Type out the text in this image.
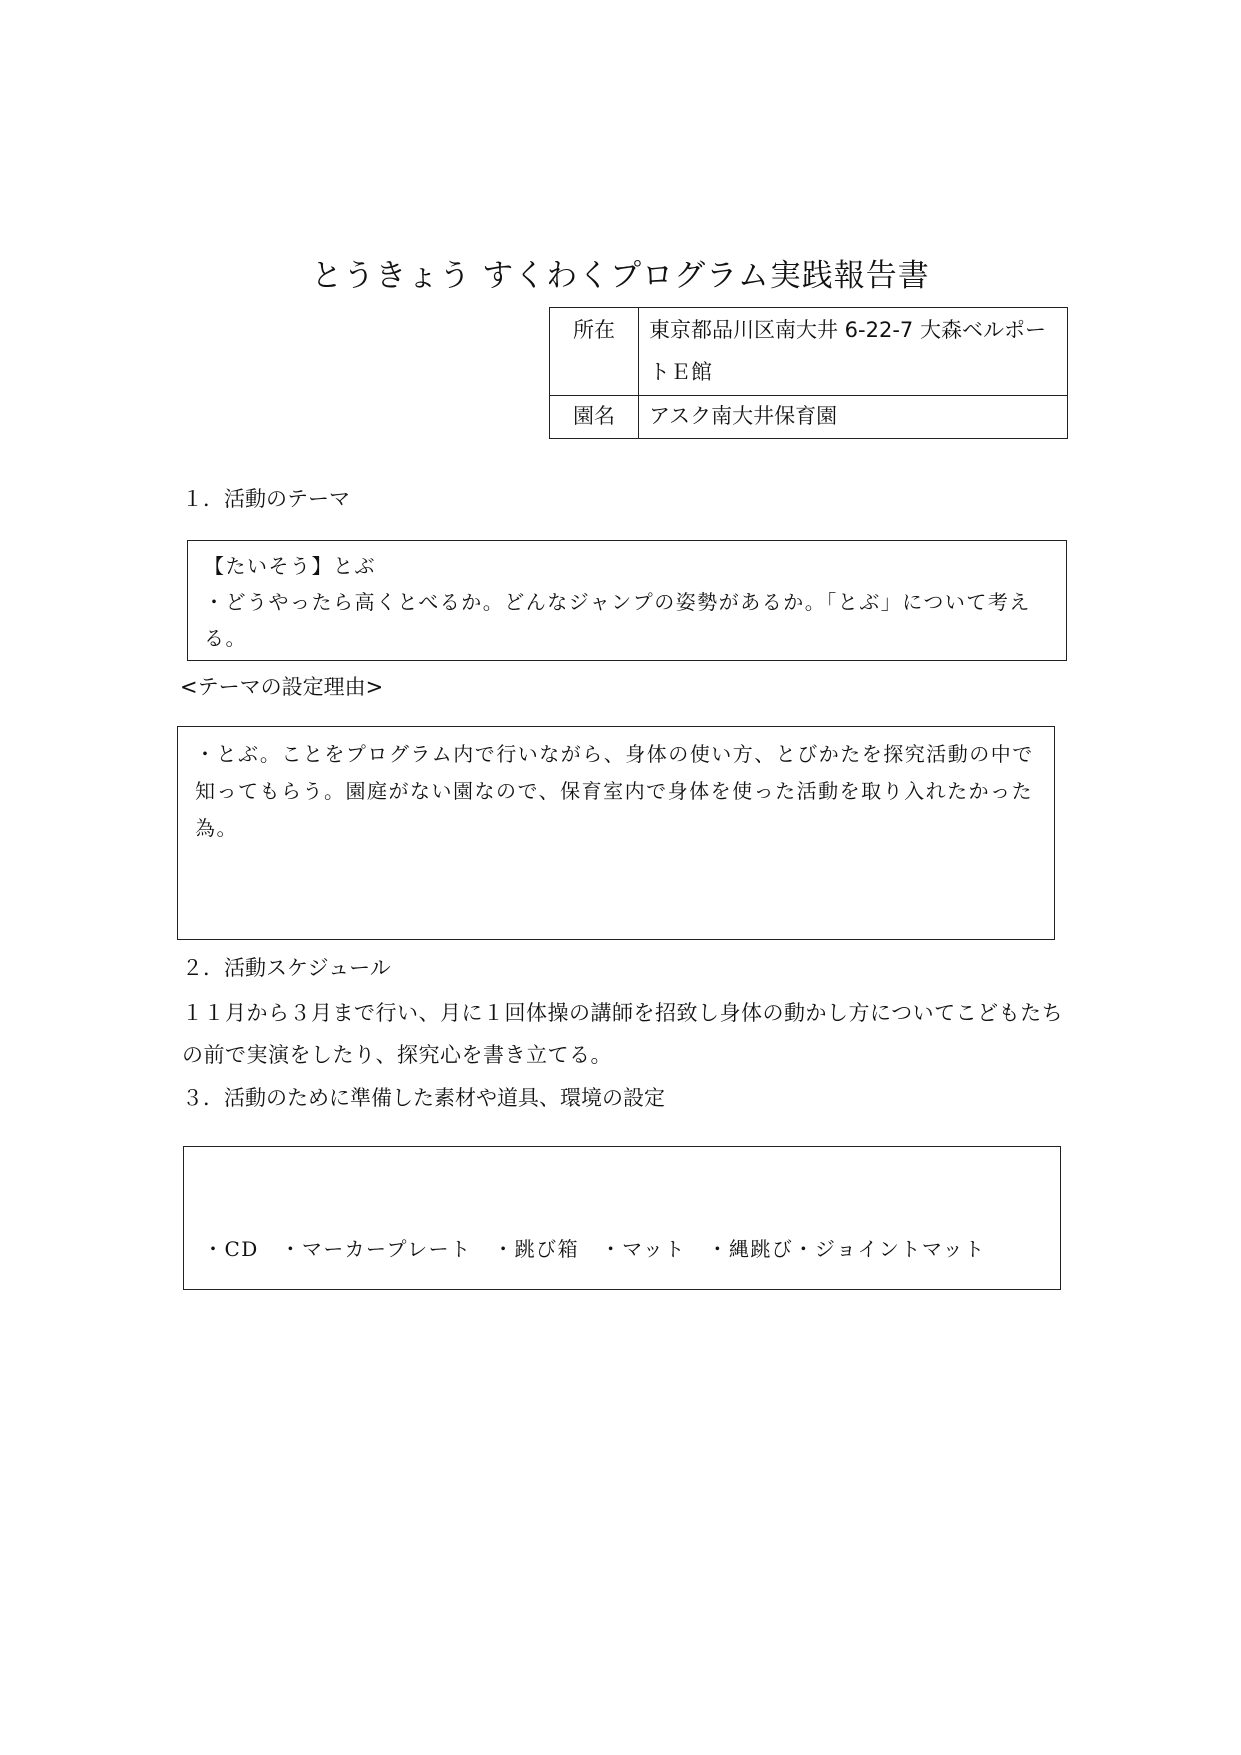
とうきょう すくわくプログラム実践報告書
所在	東京都品川区南大井 6-22-7 大森ベルポートＥ館
園名	アスク南大井保育園
１．活動のテーマ
【たいそう】とぶ
・どうやったら高くとべるか。どんなジャンプの姿勢があるか。「とぶ」について考える。
<テーマの設定理由>
・とぶ。ことをプログラム内で行いながら、身体の使い方、とびかたを探究活動の中で知ってもらう。園庭がない園なので、保育室内で身体を使った活動を取り入れたかった為。
２．活動スケジュール
１１月から３月まで行い、月に１回体操の講師を招致し身体の動かし方についてこどもたちの前で実演をしたり、探究心を書き立てる。
３．活動のために準備した素材や道具、環境の設定

・CD　・マーカープレート　・跳び箱　・マット　・縄跳び・ジョイントマット
